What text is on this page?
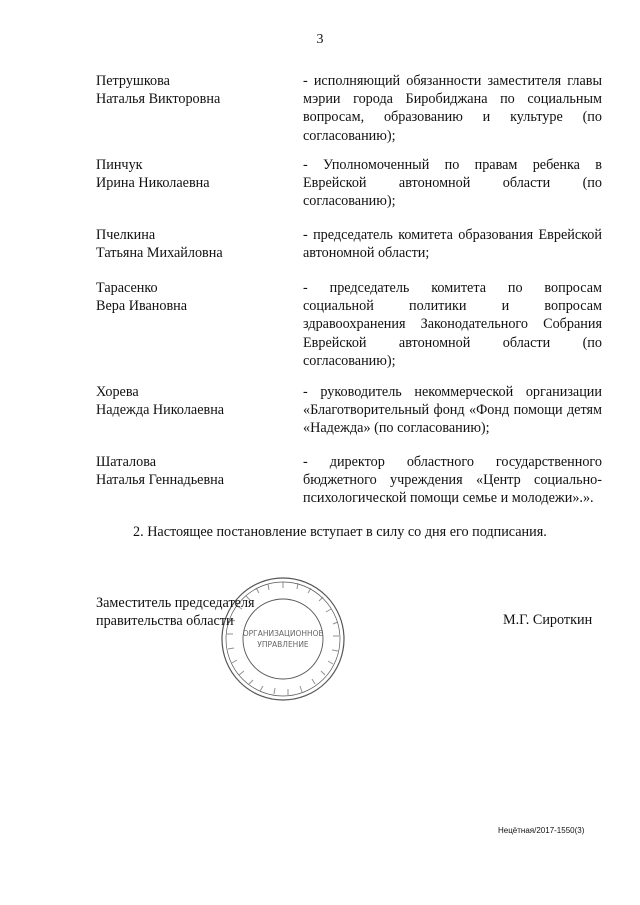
3
Петрушкова
Наталья Викторовна
- исполняющий обязанности заместителя главы мэрии города Биробиджана по социальным вопросам, образованию и культуре (по согласованию);
Пинчук
Ирина Николаевна
- Уполномоченный по правам ребенка в Еврейской автономной области (по согласованию);
Пчелкина
Татьяна Михайловна
- председатель комитета образования Еврейской автономной области;
Тарасенко
Вера Ивановна
- председатель комитета по вопросам социальной политики и вопросам здравоохранения Законодательного Собрания Еврейской автономной области (по согласованию);
Хорева
Надежда Николаевна
- руководитель некоммерческой организации «Благотворительный фонд «Фонд помощи детям «Надежда» (по согласованию);
Шаталова
Наталья Геннадьевна
- директор областного государственного бюджетного учреждения «Центр социально-психологической помощи семье и молодежи».».
2. Настоящее постановление вступает в силу со дня его подписания.
ОРГАНИЗАЦИОННОЕ
УПРАВЛЕНИЕ
Заместитель председателя
правительства области	М.Г. Сироткин
Нецётная/2017-1550(3)
